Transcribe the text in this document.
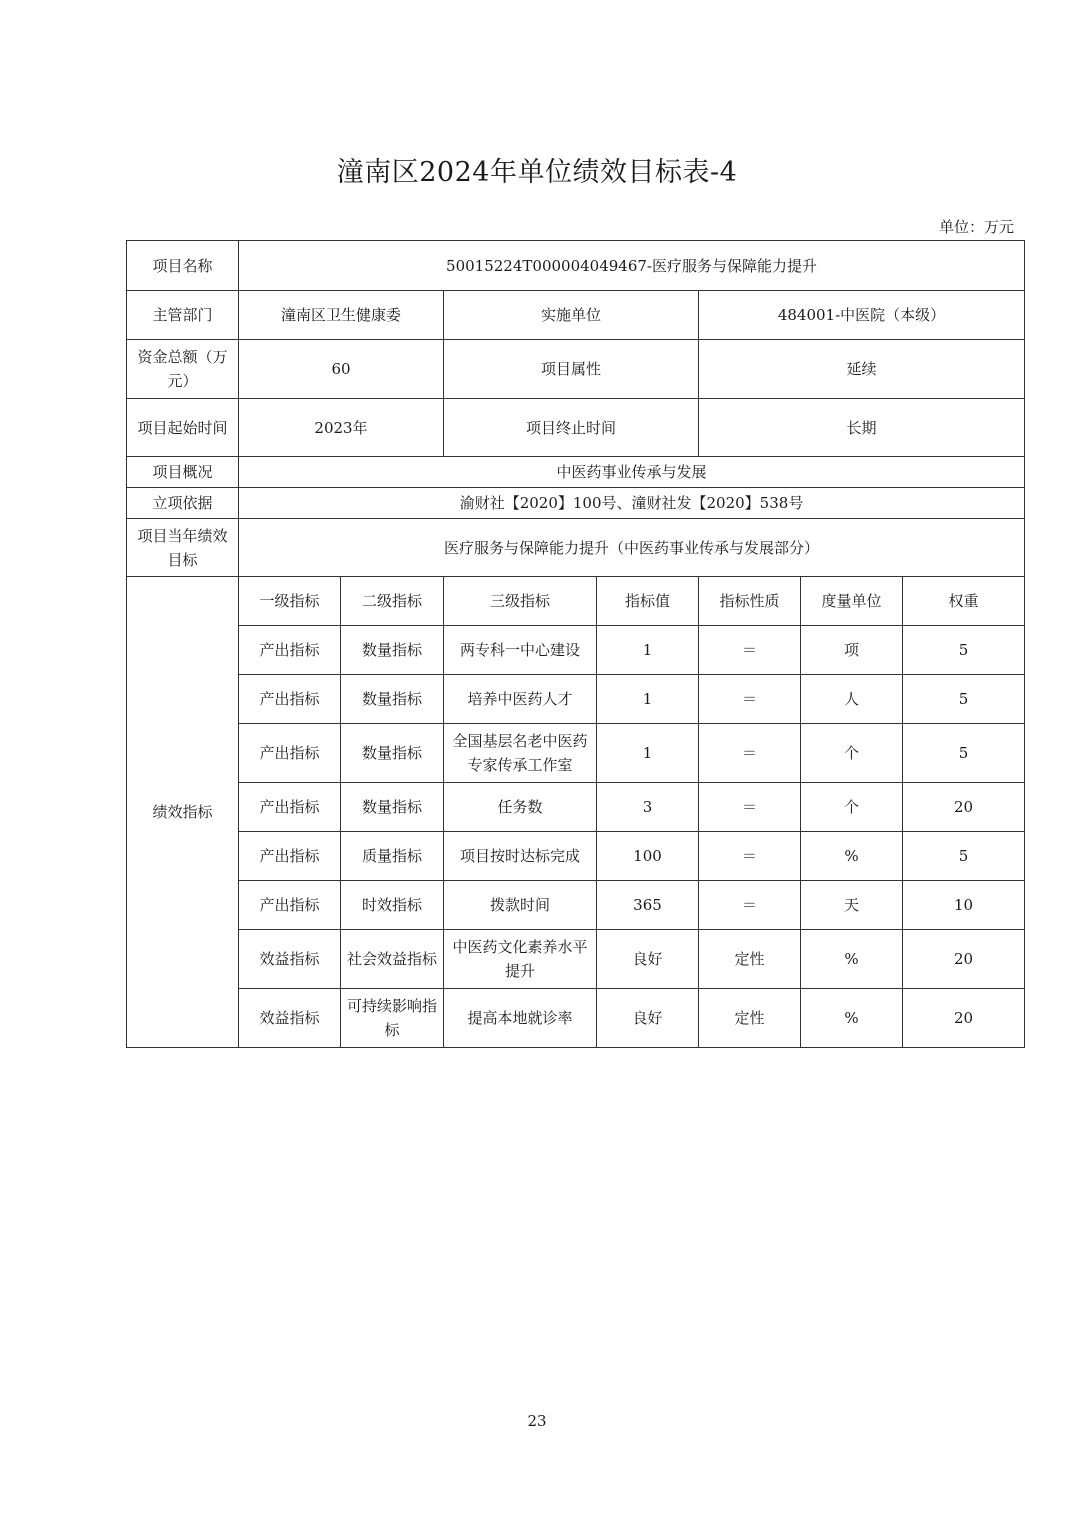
潼南区2024年单位绩效目标表-4
单位：万元
项目名称	50015224T000004049467-医疗服务与保障能力提升						
主管部门	潼南区卫生健康委		实施单位		484001-中医院（本级）		
资金总额（万元）	60		项目属性		延续		
项目起始时间	2023年		项目终止时间		长期		
项目概况	中医药事业传承与发展						
立项依据	渝财社【2020】100号、潼财社发【2020】538号						
项目当年绩效目标	医疗服务与保障能力提升（中医药事业传承与发展部分）						
绩效指标	一级指标	二级指标	三级指标	指标值	指标性质	度量单位	权重
	产出指标	数量指标	两专科一中心建设	1	＝	项	5
	产出指标	数量指标	培养中医药人才	1	＝	人	5
	产出指标	数量指标	全国基层名老中医药专家传承工作室	1	＝	个	5
	产出指标	数量指标	任务数	3	＝	个	20
	产出指标	质量指标	项目按时达标完成	100	＝	%	5
	产出指标	时效指标	拨款时间	365	＝	天	10
	效益指标	社会效益指标	中医药文化素养水平提升	良好	定性	%	20
	效益指标	可持续影响指标	提高本地就诊率	良好	定性	%	20
23
